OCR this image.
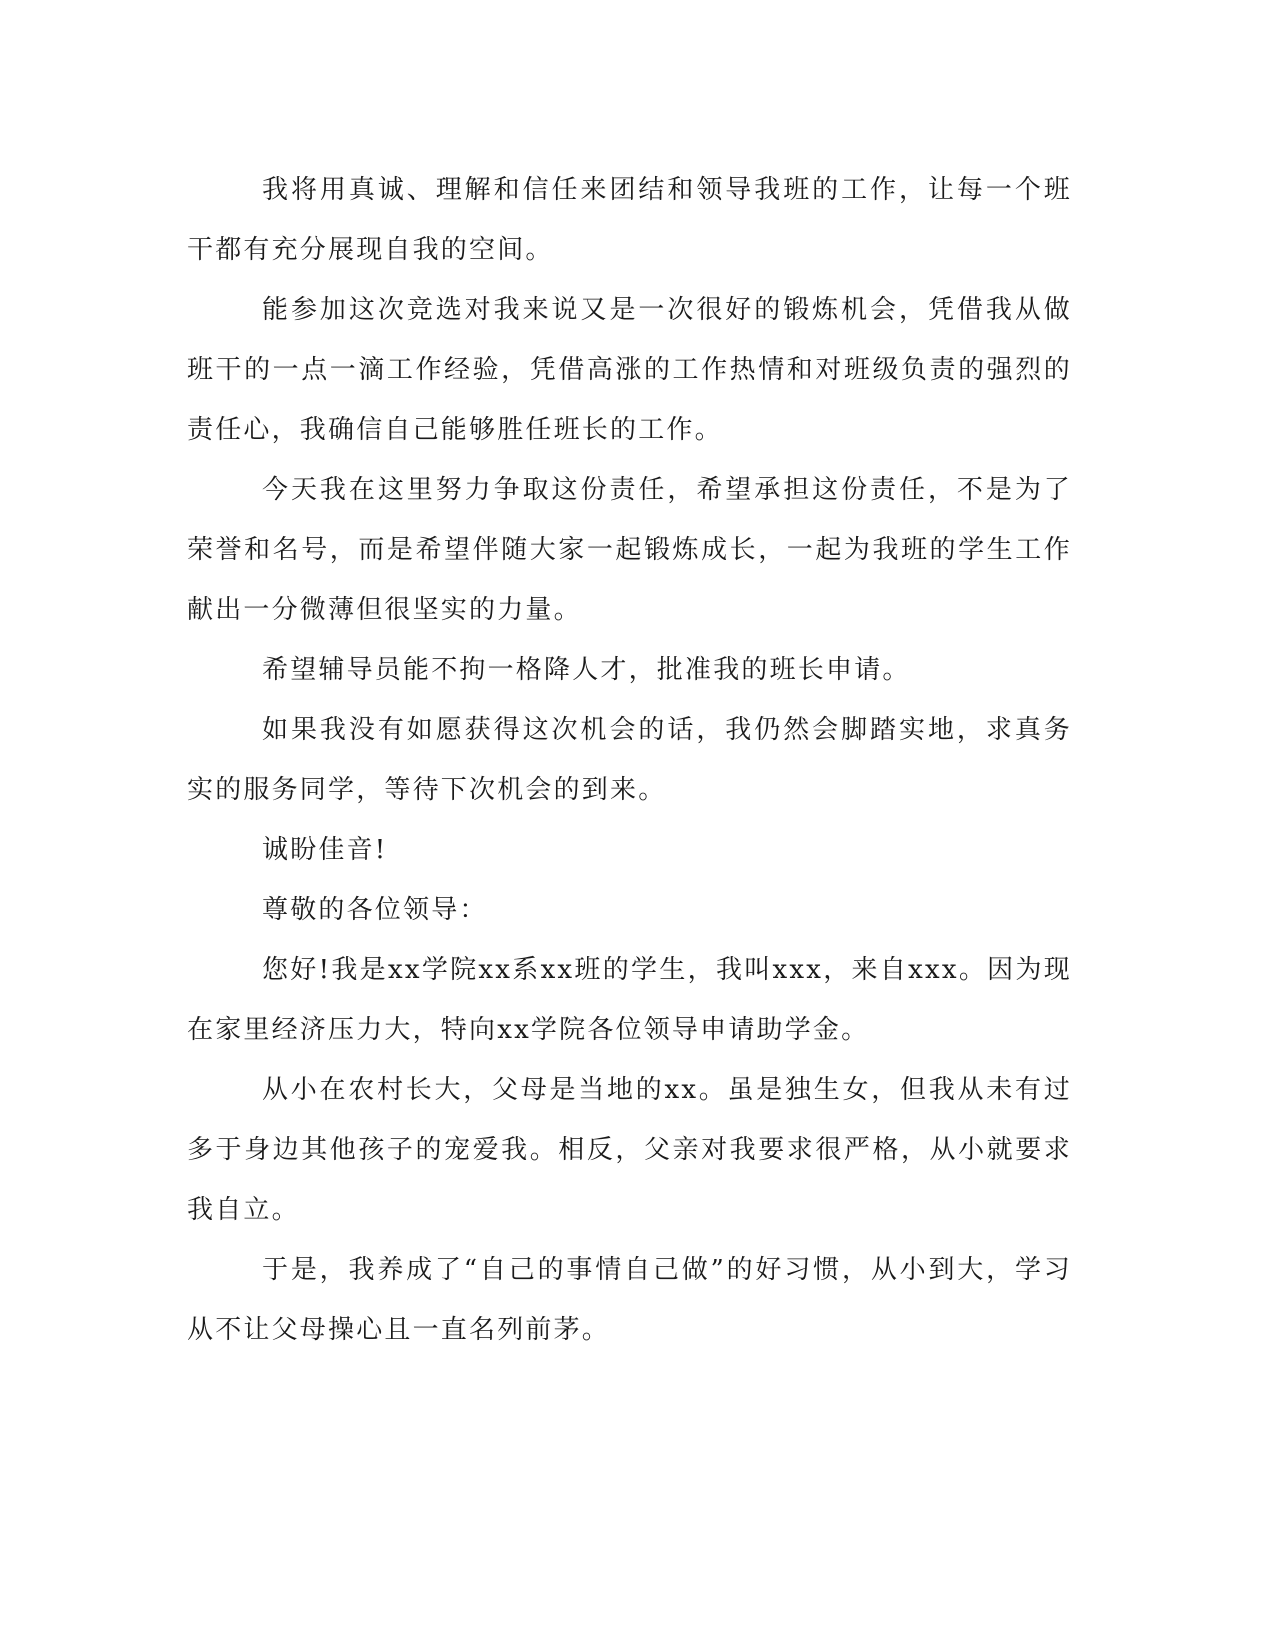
我将用真诚、理解和信任来团结和领导我班的工作，让每一个班干都有充分展现自我的空间。

能参加这次竞选对我来说又是一次很好的锻炼机会，凭借我从做班干的一点一滴工作经验，凭借高涨的工作热情和对班级负责的强烈的责任心，我确信自己能够胜任班长的工作。

今天我在这里努力争取这份责任，希望承担这份责任，不是为了荣誉和名号，而是希望伴随大家一起锻炼成长，一起为我班的学生工作献出一分微薄但很坚实的力量。

希望辅导员能不拘一格降人才，批准我的班长申请。

如果我没有如愿获得这次机会的话，我仍然会脚踏实地，求真务实的服务同学，等待下次机会的到来。

诚盼佳音!

尊敬的各位领导：

您好!我是xx学院xx系xx班的学生，我叫xxx，来自xxx。因为现在家里经济压力大，特向xx学院各位领导申请助学金。

从小在农村长大，父母是当地的xx。虽是独生女，但我从未有过多于身边其他孩子的宠爱我。相反，父亲对我要求很严格，从小就要求我自立。

于是，我养成了“自己的事情自己做”的好习惯，从小到大，学习从不让父母操心且一直名列前茅。
